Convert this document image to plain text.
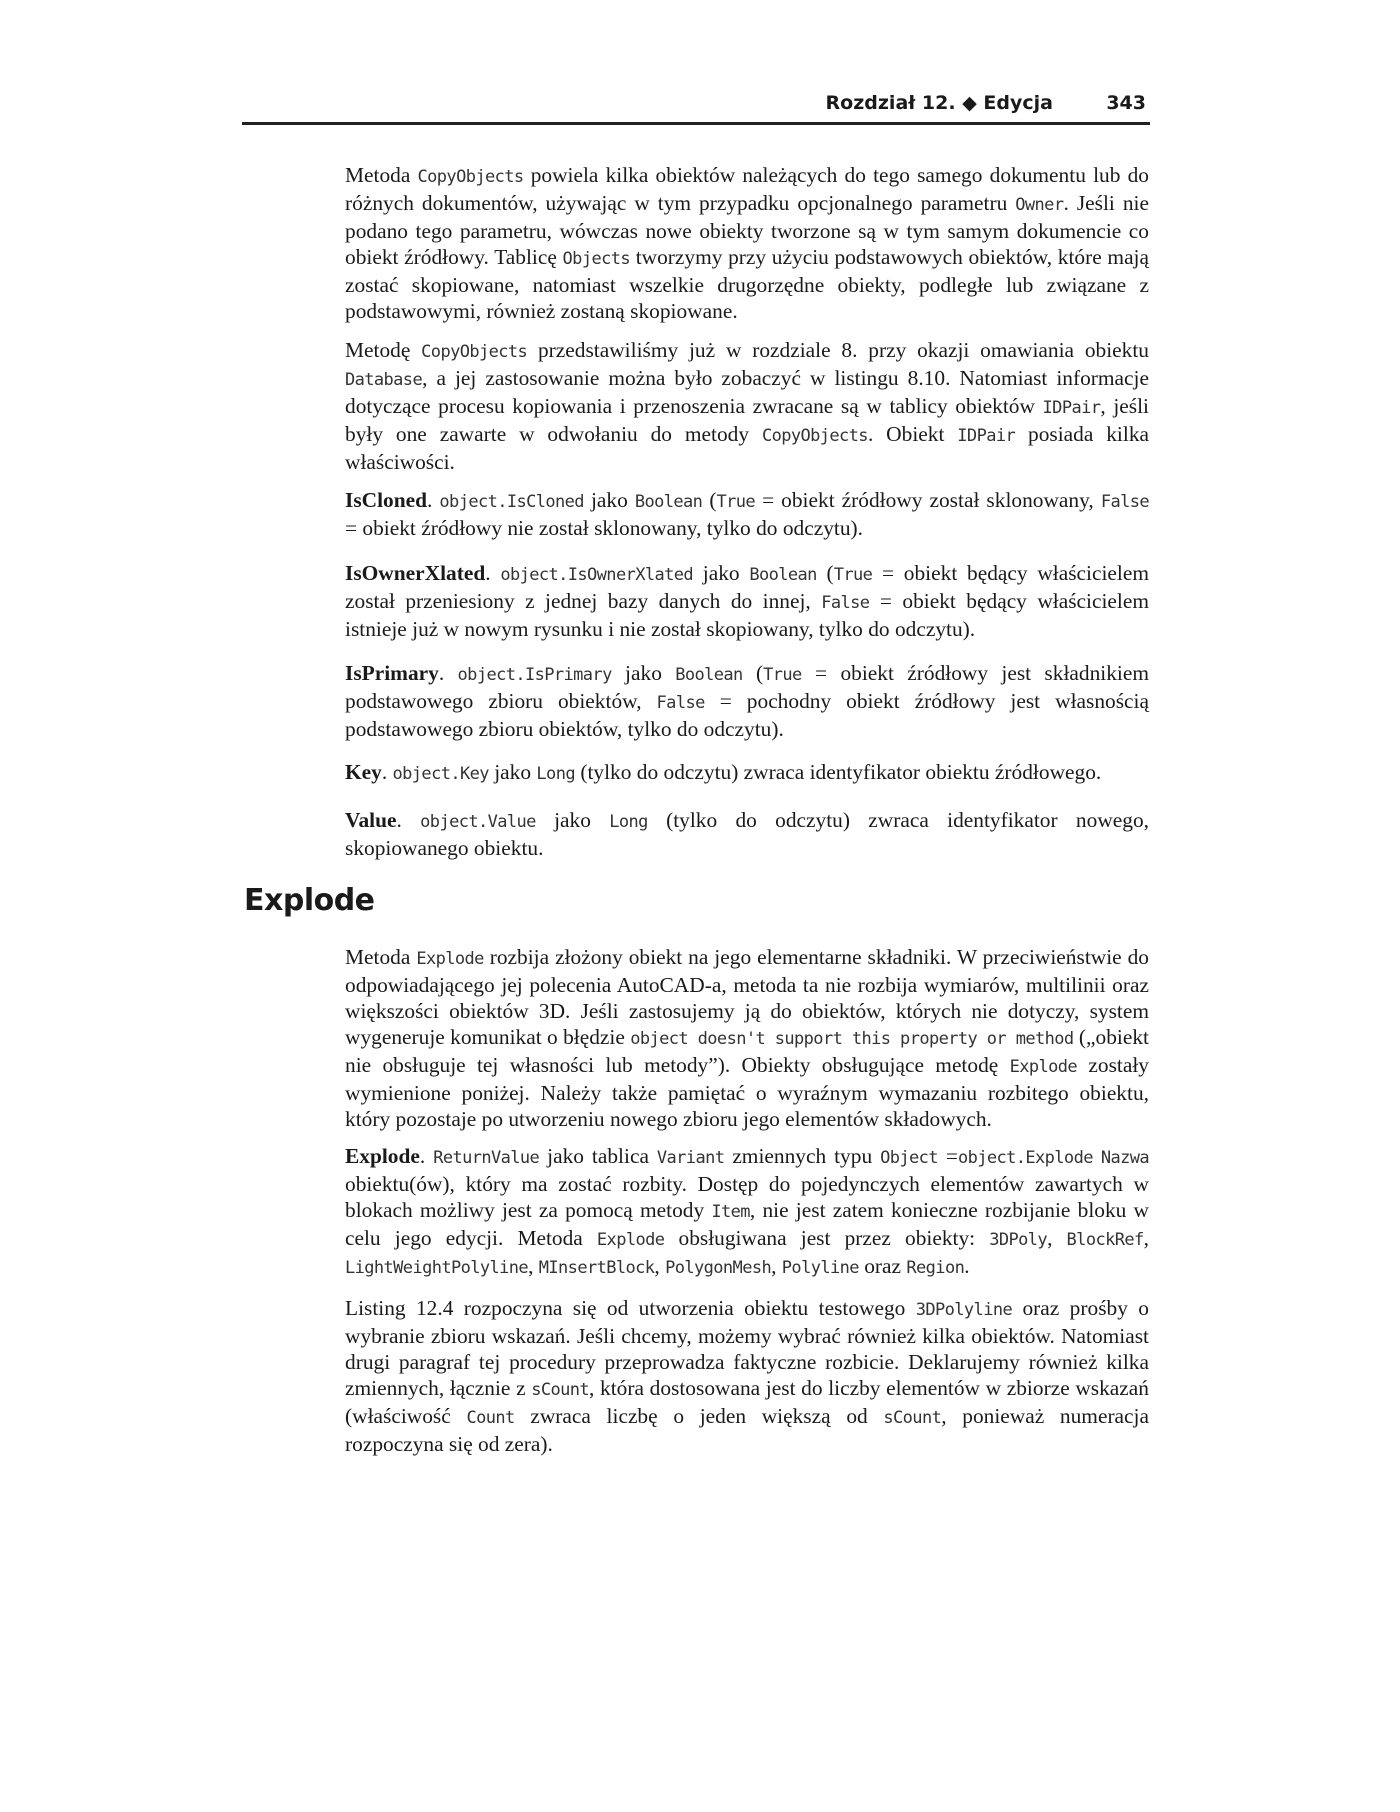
Rozdział 12. ◆ Edycja	343

Metoda CopyObjects powiela kilka obiektów należących do tego samego dokumentu lub do różnych dokumentów, używając w tym przypadku opcjonalnego parametru Owner. Jeśli nie podano tego parametru, wówczas nowe obiekty tworzone są w tym samym dokumencie co obiekt źródłowy. Tablicę Objects tworzymy przy użyciu podstawowych obiektów, które mają zostać skopiowane, natomiast wszelkie drugorzędne obiekty, podległe lub związane z podstawowymi, również zostaną skopiowane.

Metodę CopyObjects przedstawiliśmy już w rozdziale 8. przy okazji omawiania obiektu Database, a jej zastosowanie można było zobaczyć w listingu 8.10. Natomiast informacje dotyczące procesu kopiowania i przenoszenia zwracane są w tablicy obiektów IDPair, jeśli były one zawarte w odwołaniu do metody CopyObjects. Obiekt IDPair posiada kilka właściwości.

IsCloned. object.IsCloned jako Boolean (True = obiekt źródłowy został sklonowany, False = obiekt źródłowy nie został sklonowany, tylko do odczytu).

IsOwnerXlated. object.IsOwnerXlated jako Boolean (True = obiekt będący właścicielem został przeniesiony z jednej bazy danych do innej, False = obiekt będący właścicielem istnieje już w nowym rysunku i nie został skopiowany, tylko do odczytu).

IsPrimary. object.IsPrimary jako Boolean (True = obiekt źródłowy jest składnikiem podstawowego zbioru obiektów, False = pochodny obiekt źródłowy jest własnością podstawowego zbioru obiektów, tylko do odczytu).

Key. object.Key jako Long (tylko do odczytu) zwraca identyfikator obiektu źródłowego.

Value. object.Value jako Long (tylko do odczytu) zwraca identyfikator nowego, skopiowanego obiektu.

Explode

Metoda Explode rozbija złożony obiekt na jego elementarne składniki. W przeciwieństwie do odpowiadającego jej polecenia AutoCAD-a, metoda ta nie rozbija wymiarów, multilinii oraz większości obiektów 3D. Jeśli zastosujemy ją do obiektów, których nie dotyczy, system wygeneruje komunikat o błędzie object doesn't support this property or method („obiekt nie obsługuje tej własności lub metody”). Obiekty obsługujące metodę Explode zostały wymienione poniżej. Należy także pamiętać o wyraźnym wymazaniu rozbitego obiektu, który pozostaje po utworzeniu nowego zbioru jego elementów składowych.

Explode. ReturnValue jako tablica Variant zmiennych typu Object =object.Explode Nazwa obiektu(ów), który ma zostać rozbity. Dostęp do pojedynczych elementów zawartych w blokach możliwy jest za pomocą metody Item, nie jest zatem konieczne rozbijanie bloku w celu jego edycji. Metoda Explode obsługiwana jest przez obiekty: 3DPoly, BlockRef, LightWeightPolyline, MInsertBlock, PolygonMesh, Polyline oraz Region.

Listing 12.4 rozpoczyna się od utworzenia obiektu testowego 3DPolyline oraz prośby o wybranie zbioru wskazań. Jeśli chcemy, możemy wybrać również kilka obiektów. Natomiast drugi paragraf tej procedury przeprowadza faktyczne rozbicie. Deklarujemy również kilka zmiennych, łącznie z sCount, która dostosowana jest do liczby elementów w zbiorze wskazań (właściwość Count zwraca liczbę o jeden większą od sCount, ponieważ numeracja rozpoczyna się od zera).
